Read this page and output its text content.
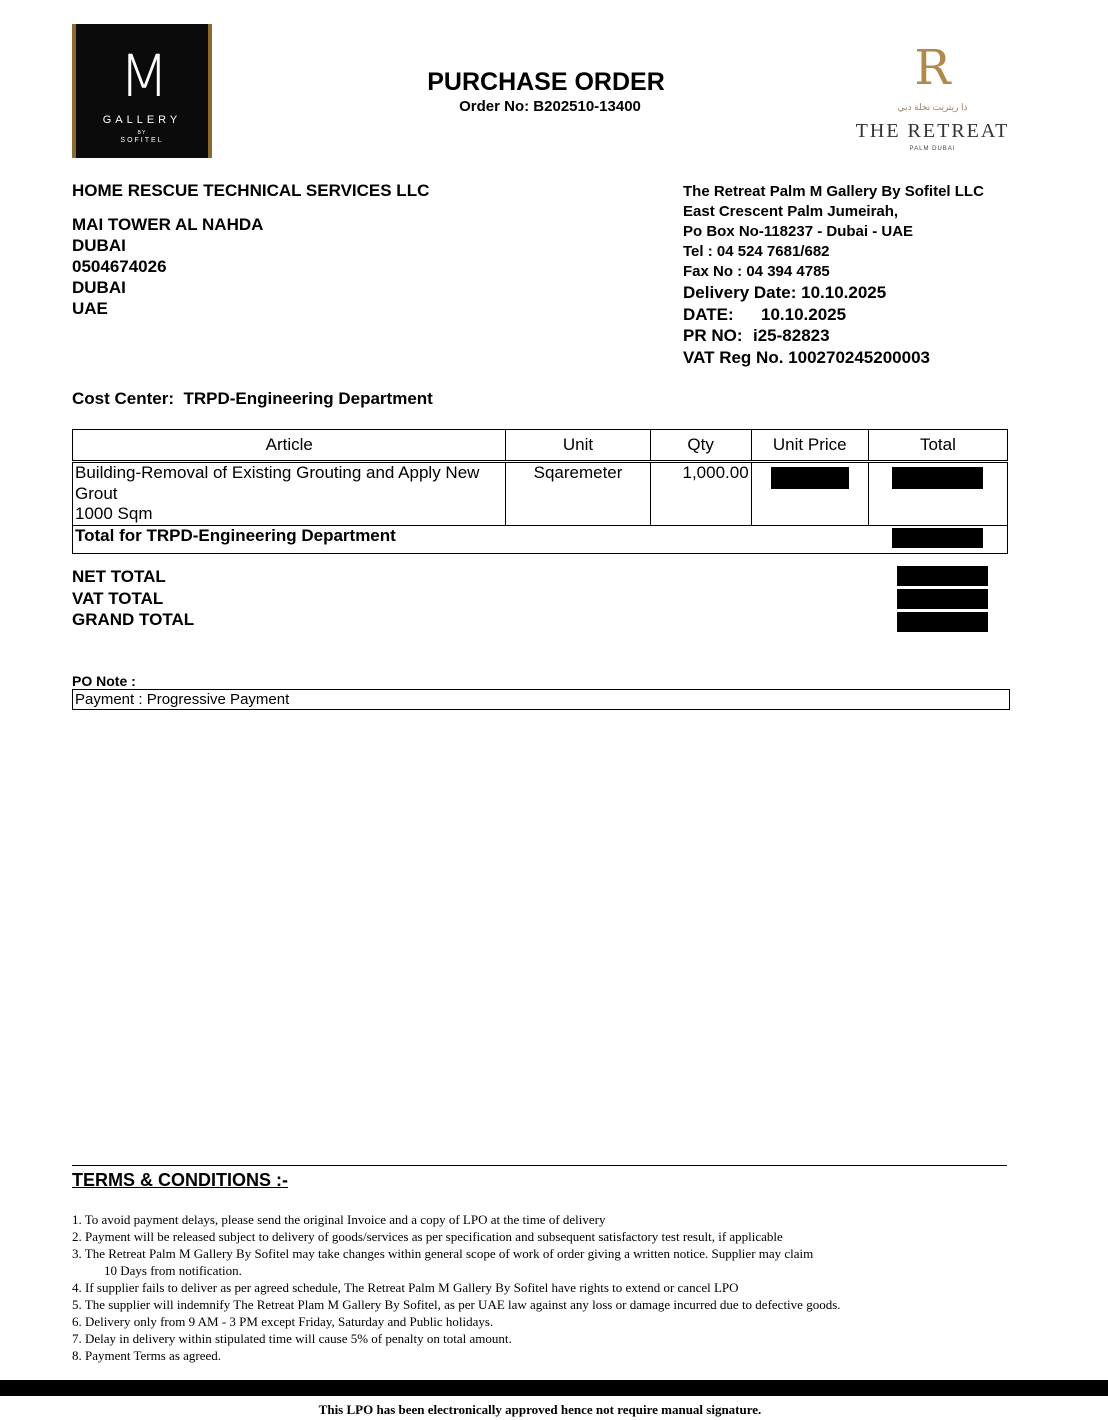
M
GALLERY
BY
SOFITEL
R
ذا ريتريت نخلة دبي
THE RETREAT
PALM DUBAI
PURCHASE ORDER
Order No: B202510-13400
HOME RESCUE TECHNICAL SERVICES LLC
MAI TOWER AL NAHDA
DUBAI
0504674026
DUBAI
UAE
The Retreat Palm M Gallery By Sofitel LLC
East Crescent Palm Jumeirah,
Po Box No-118237 - Dubai - UAE
Tel : 04 524 7681/682
Fax No : 04 394 4785
Delivery Date: 10.10.2025
DATE: 10.10.2025
PR NO: i25-82823
VAT Reg No. 100270245200003
Cost Center: TRPD-Engineering Department
Article	Unit	Qty	Unit Price	Total

Building-Removal of Existing Grouting and Apply New
Grout
1000 Sqm	Sqaremeter	1,000.00		
Total for TRPD-Engineering Department				
NET TOTAL
VAT TOTAL
GRAND TOTAL
PO Note :
Payment : Progressive Payment
TERMS & CONDITIONS :-
1. To avoid payment delays, please send the original Invoice and a copy of LPO at the time of delivery
2. Payment will be released subject to delivery of goods/services as per specification and subsequent satisfactory test result, if applicable
3. The Retreat Palm M Gallery By Sofitel may take changes within general scope of work of order giving a written notice. Supplier may claim
10 Days from notification.
4. If supplier fails to deliver as per agreed schedule, The Retreat Palm M Gallery By Sofitel have rights to extend or cancel LPO
5. The supplier will indemnify The Retreat Plam M Gallery By Sofitel, as per UAE law against any loss or damage incurred due to defective goods.
6. Delivery only from 9 AM - 3 PM except Friday, Saturday and Public holidays.
7. Delay in delivery within stipulated time will cause 5% of penalty on total amount.
8. Payment Terms as agreed.
This LPO has been electronically approved hence not require manual signature.
